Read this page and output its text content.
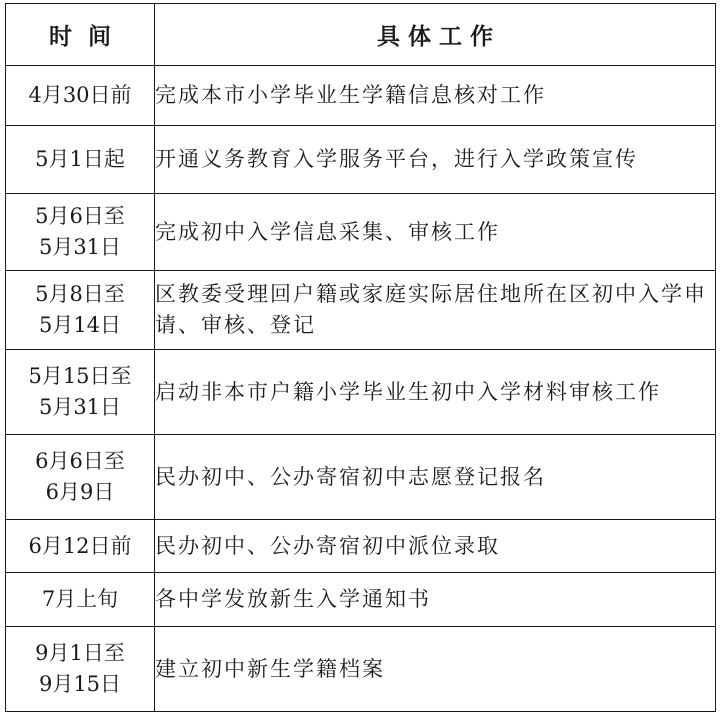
时  间	具 体 工 作

4月30日前	完成本市小学毕业生学籍信息核对工作

5月1日起	开通义务教育入学服务平台，进行入学政策宣传

5月6日至
5月31日	完成初中入学信息采集、审核工作

5月8日至
5月14日	区教委受理回户籍或家庭实际居住地所在区初中入学申请、审核、登记

5月15日至
5月31日	启动非本市户籍小学毕业生初中入学材料审核工作

6月6日至
6月9日	民办初中、公办寄宿初中志愿登记报名

6月12日前	民办初中、公办寄宿初中派位录取

7月上旬	各中学发放新生入学通知书

9月1日至
9月15日	建立初中新生学籍档案
